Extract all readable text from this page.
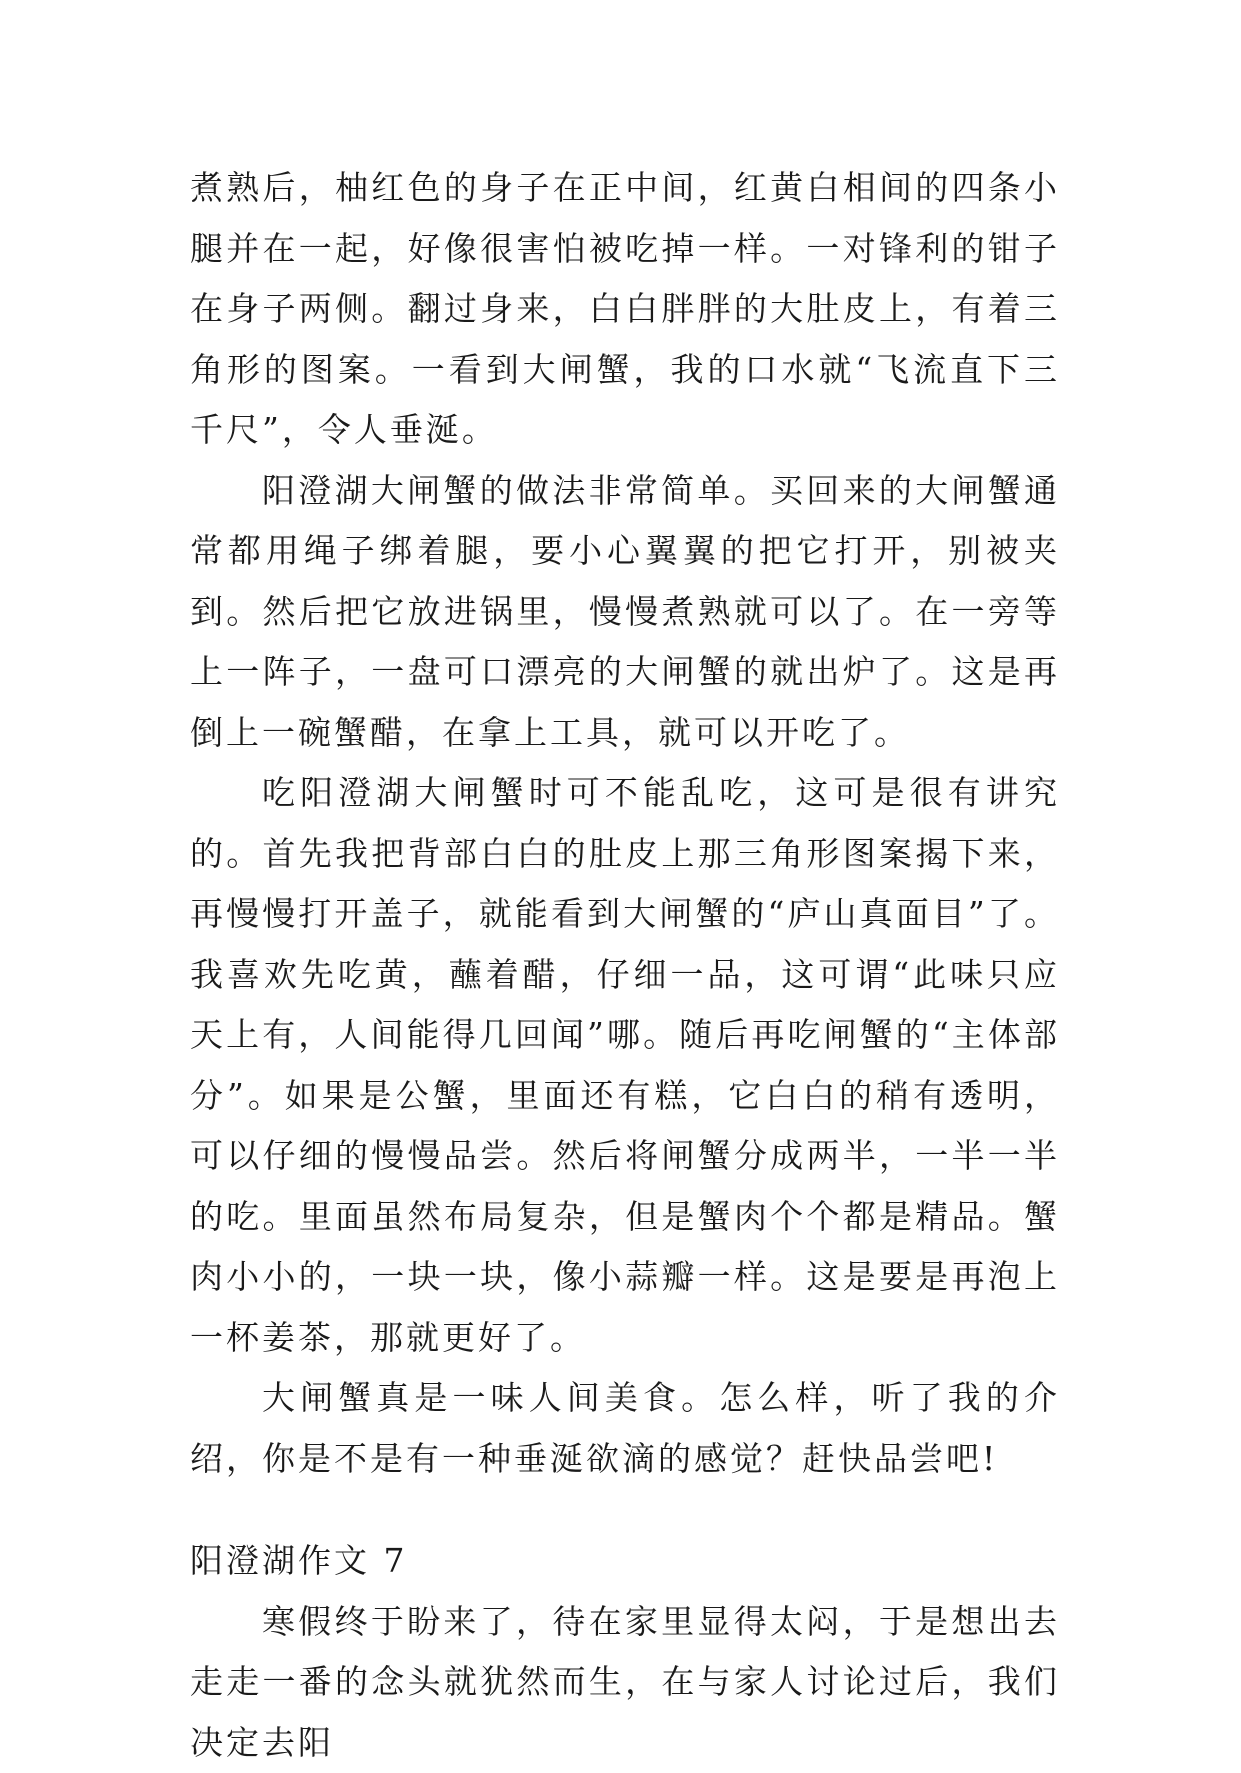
煮熟后，柚红色的身子在正中间，红黄白相间的四条小腿并在一起，好像很害怕被吃掉一样。一对锋利的钳子在身子两侧。翻过身来，白白胖胖的大肚皮上，有着三角形的图案。一看到大闸蟹，我的口水就“飞流直下三千尺”，令人垂涎。

阳澄湖大闸蟹的做法非常简单。买回来的大闸蟹通常都用绳子绑着腿，要小心翼翼的把它打开，别被夹到。然后把它放进锅里，慢慢煮熟就可以了。在一旁等上一阵子，一盘可口漂亮的大闸蟹的就出炉了。这是再倒上一碗蟹醋，在拿上工具，就可以开吃了。

吃阳澄湖大闸蟹时可不能乱吃，这可是很有讲究的。首先我把背部白白的肚皮上那三角形图案揭下来，再慢慢打开盖子，就能看到大闸蟹的“庐山真面目”了。我喜欢先吃黄，蘸着醋，仔细一品，这可谓“此味只应天上有，人间能得几回闻”哪。随后再吃闸蟹的“主体部分”。如果是公蟹，里面还有糕，它白白的稍有透明，可以仔细的慢慢品尝。然后将闸蟹分成两半，一半一半的吃。里面虽然布局复杂，但是蟹肉个个都是精品。蟹肉小小的，一块一块，像小蒜瓣一样。这是要是再泡上一杯姜茶，那就更好了。

大闸蟹真是一味人间美食。怎么样，听了我的介绍，你是不是有一种垂涎欲滴的感觉？赶快品尝吧!

阳澄湖作文 7

寒假终于盼来了，待在家里显得太闷，于是想出去走走一番的念头就犹然而生，在与家人讨论过后，我们决定去阳
